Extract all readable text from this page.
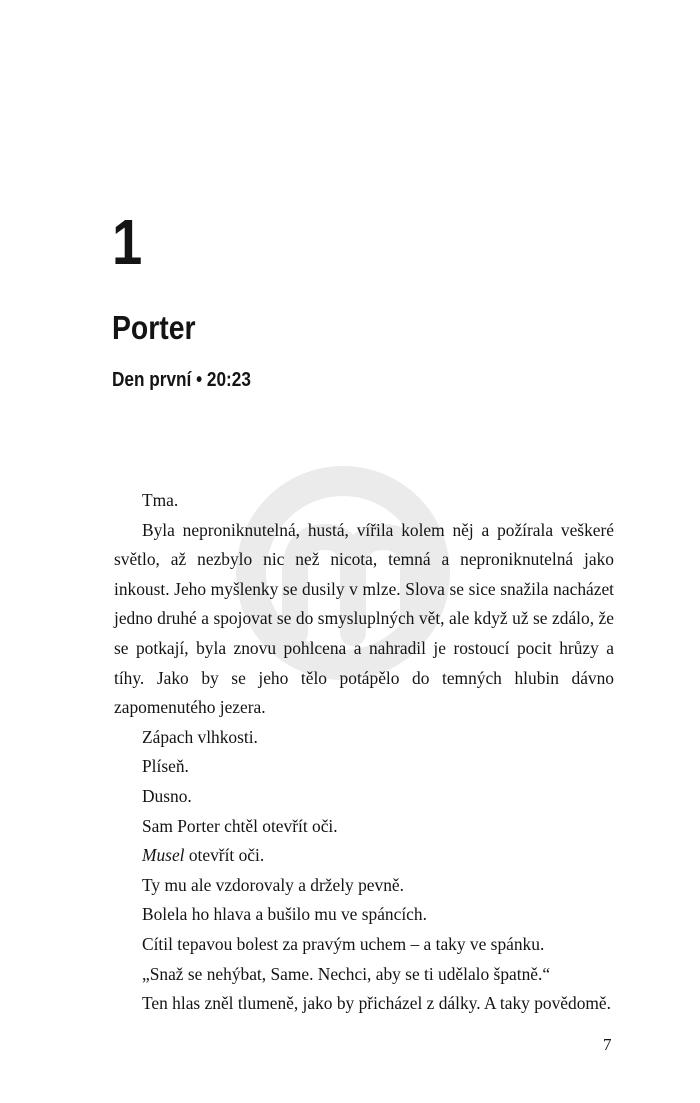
1
Porter
Den první • 20:23

Tma.

Byla neproniknutelná, hustá, vířila kolem něj a požírala veškeré světlo, až nezbylo nic než nicota, temná a neproniknutelná jako inkoust. Jeho myšlenky se dusily v mlze. Slova se sice snažila nacházet jedno druhé a spojovat se do smysluplných vět, ale když už se zdálo, že se potkají, byla znovu pohlcena a nahradil je rostoucí pocit hrůzy a tíhy. Jako by se jeho tělo potápělo do temných hlubin dávno zapomenutého jezera.

Zápach vlhkosti.

Plíseň.

Dusno.

Sam Porter chtěl otevřít oči.

Musel otevřít oči.

Ty mu ale vzdorovaly a držely pevně.

Bolela ho hlava a bušilo mu ve spáncích.

Cítil tepavou bolest za pravým uchem – a taky ve spánku.

„Snaž se nehýbat, Same. Nechci, aby se ti udělalo špatně.“

Ten hlas zněl tlumeně, jako by přicházel z dálky. A taky povědomě.

7
